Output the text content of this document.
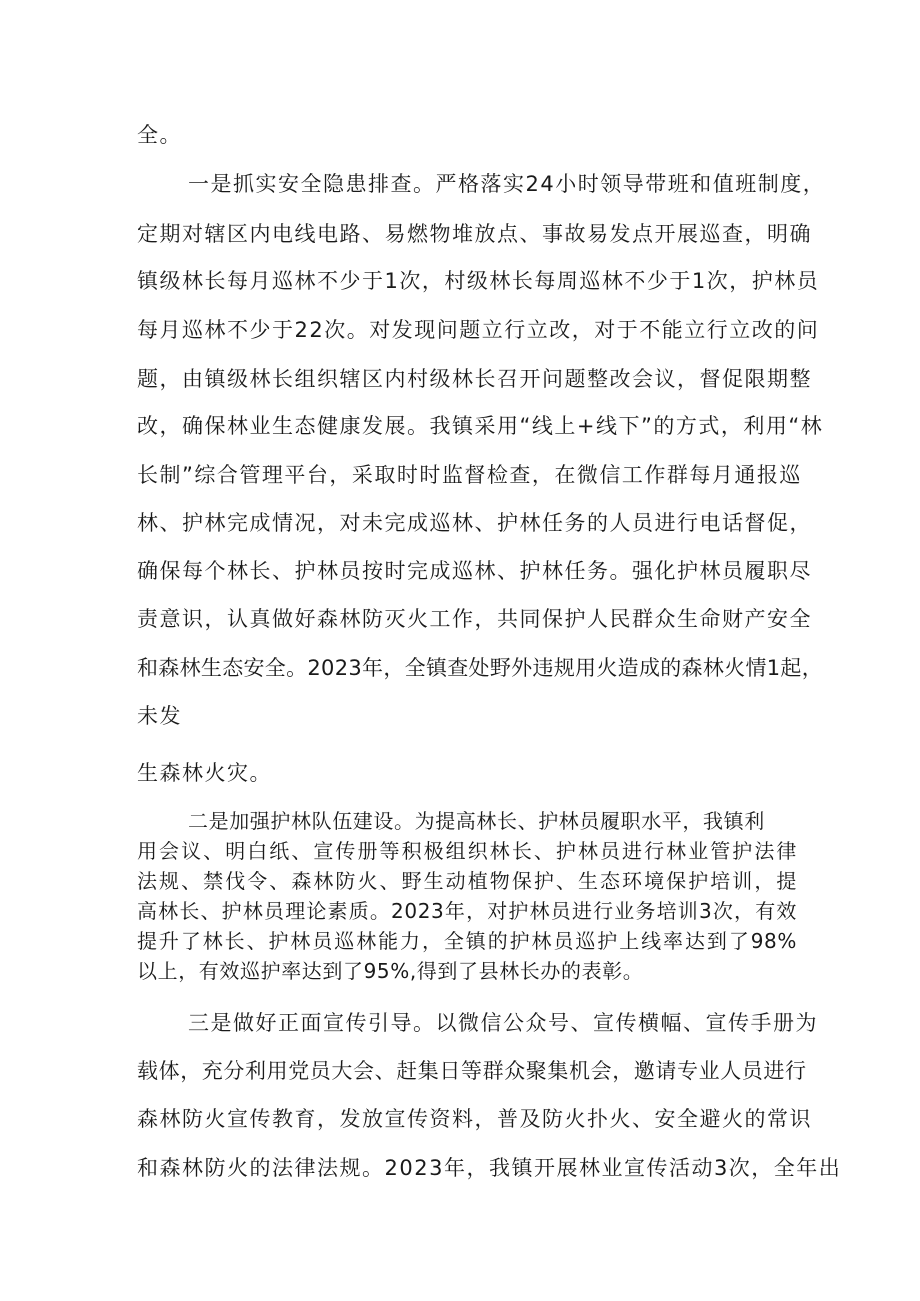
全。
一是抓实安全隐患排查。严格落实24小时领导带班和值班制度，
定期对辖区内电线电路、易燃物堆放点、事故易发点开展巡查，明确
镇级林长每月巡林不少于1次，村级林长每周巡林不少于1次，护林员
每月巡林不少于22次。对发现问题立行立改，对于不能立行立改的问
题，由镇级林长组织辖区内村级林长召开问题整改会议，督促限期整
改，确保林业生态健康发展。我镇采用“线上+线下”的方式，利用“林
长制”综合管理平台，采取时时监督检查，在微信工作群每月通报巡
林、护林完成情况，对未完成巡林、护林任务的人员进行电话督促，
确保每个林长、护林员按时完成巡林、护林任务。强化护林员履职尽
责意识，认真做好森林防灭火工作，共同保护人民群众生命财产安全
和森林生态安全。2023年，全镇查处野外违规用火造成的森林火情1起，
未发
生森林火灾。
二是加强护林队伍建设。为提高林长、护林员履职水平，我镇利
用会议、明白纸、宣传册等积极组织林长、护林员进行林业管护法律
法规、禁伐令、森林防火、野生动植物保护、生态环境保护培训，提
高林长、护林员理论素质。2023年，对护林员进行业务培训3次，有效
提升了林长、护林员巡林能力，全镇的护林员巡护上线率达到了98%
以上，有效巡护率达到了95%,得到了县林长办的表彰。
三是做好正面宣传引导。以微信公众号、宣传横幅、宣传手册为
载体，充分利用党员大会、赶集日等群众聚集机会，邀请专业人员进行
森林防火宣传教育，发放宣传资料，普及防火扑火、安全避火的常识
和森林防火的法律法规。2023年，我镇开展林业宣传活动3次，全年出
